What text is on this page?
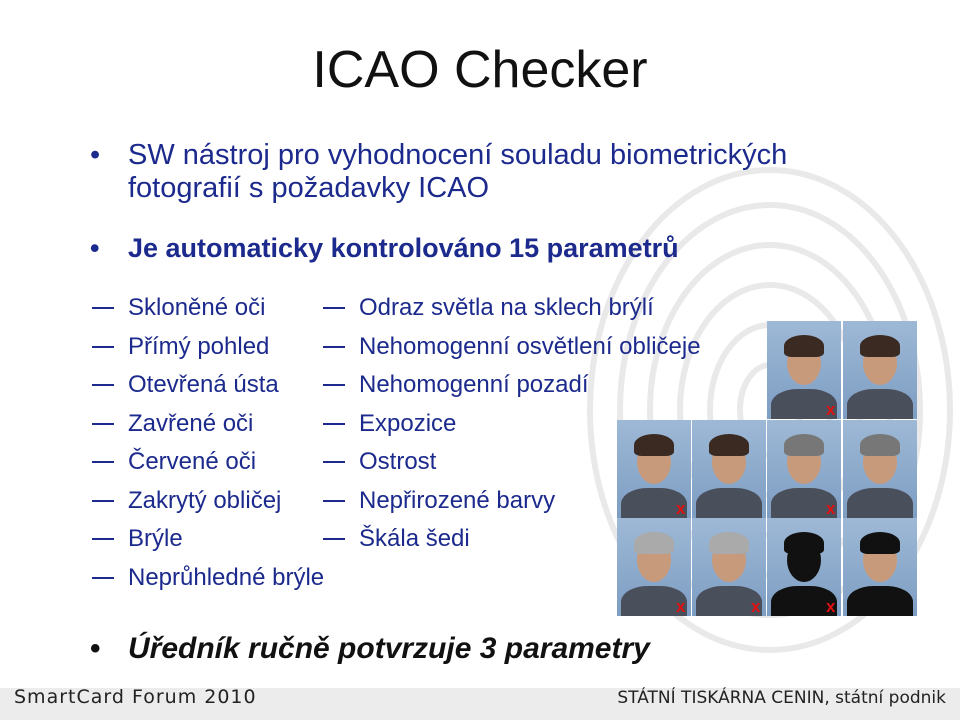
ICAO Checker
• SW nástroj pro vyhodnocení souladu biometrických fotografií s požadavky ICAO
• Je automaticky kontrolováno 15 parametrů
Skloněné oči
Přímý pohled
Otevřená ústa
Zavřené oči
Červené oči
Zakrytý obličej
Brýle
Neprůhledné brýle
Odraz světla na sklech brýlí
Nehomogenní osvětlení obličeje
Nehomogenní pozadí
Expozice
Ostrost
Nepřirozené barvy
Škála šedi
x
x	x
x	x	x
• Úředník ručně potvrzuje 3 parametry
SmartCard Forum 2010	STÁTNÍ TISKÁRNA CENIN, státní podnik
